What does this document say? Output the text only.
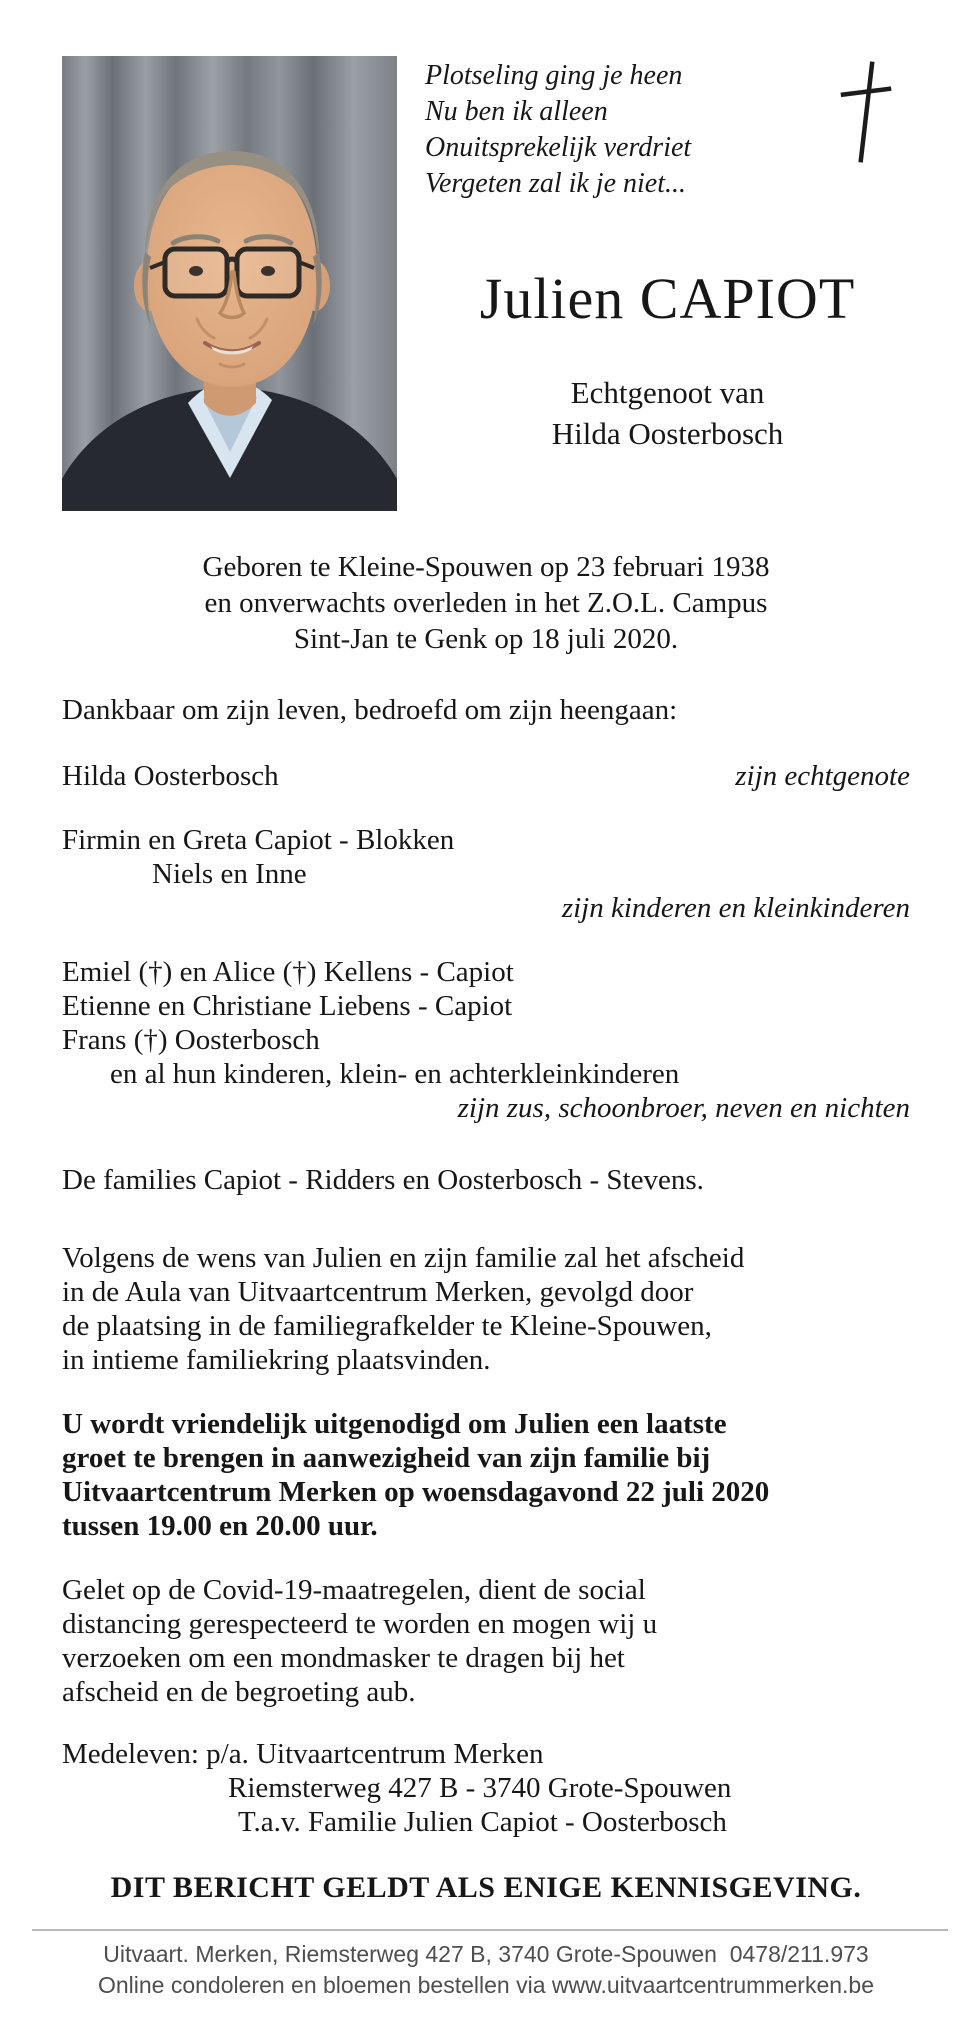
Plotseling ging je heen
Nu ben ik alleen
Onuitsprekelijk verdriet
Vergeten zal ik je niet...
Julien CAPIOT
Echtgenoot van
Hilda Oosterbosch
Geboren te Kleine-Spouwen op 23 februari 1938
en onverwachts overleden in het Z.O.L. Campus
Sint-Jan te Genk op 18 juli 2020.
Dankbaar om zijn leven, bedroefd om zijn heengaan:
Hilda Oosterbosch	zijn echtgenote
Firmin en Greta Capiot - Blokken
Niels en Inne
zijn kinderen en kleinkinderen
Emiel (†) en Alice (†) Kellens - Capiot
Etienne en Christiane Liebens - Capiot
Frans (†) Oosterbosch
en al hun kinderen, klein- en achterkleinkinderen
zijn zus, schoonbroer, neven en nichten
De families Capiot - Ridders en Oosterbosch - Stevens.
Volgens de wens van Julien en zijn familie zal het afscheid
in de Aula van Uitvaartcentrum Merken, gevolgd door
de plaatsing in de familiegrafkelder te Kleine-Spouwen,
in intieme familiekring plaatsvinden.
U wordt vriendelijk uitgenodigd om Julien een laatste
groet te brengen in aanwezigheid van zijn familie bij
Uitvaartcentrum Merken op woensdagavond 22 juli 2020
tussen 19.00 en 20.00 uur.
Gelet op de Covid-19-maatregelen, dient de social
distancing gerespecteerd te worden en mogen wij u
verzoeken om een mondmasker te dragen bij het
afscheid en de begroeting aub.
Medeleven: p/a. Uitvaartcentrum Merken
Riemsterweg 427 B - 3740 Grote-Spouwen
T.a.v. Familie Julien Capiot - Oosterbosch
DIT BERICHT GELDT ALS ENIGE KENNISGEVING.
Uitvaart. Merken, Riemsterweg 427 B, 3740 Grote-Spouwen  0478/211.973
Online condoleren en bloemen bestellen via www.uitvaartcentrummerken.be
